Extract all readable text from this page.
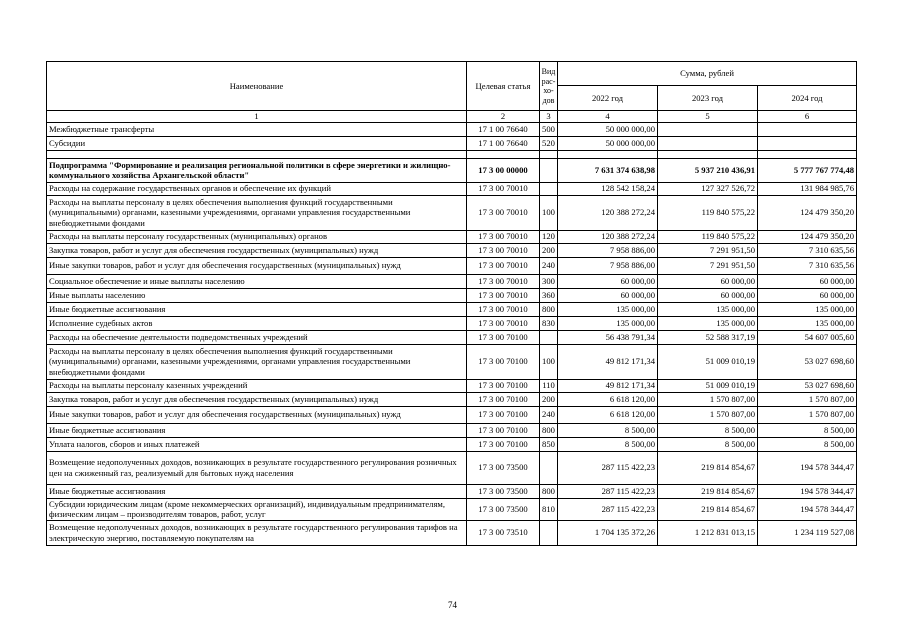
Наименование	Целевая статья	Вид рас- хо- дов	Сумма, рублей		
			2022 год	2023 год	2024 год
1	2	3	4	5	6
Межбюджетные трансферты	17 1 00 76640	500	50 000 000,00		
Субсидии	17 1 00 76640	520	50 000 000,00		

Подпрограмма "Формирование и реализация региональной политики в сфере энергетики и жилищно-коммунального хозяйства Архангельской области"	17 3 00 00000		7 631 374 638,98	5 937 210 436,91	5 777 767 774,48
Расходы на содержание государственных органов и обеспечение их функций	17 3 00 70010		128 542 158,24	127 327 526,72	131 984 985,76
Расходы на выплаты персоналу в целях обеспечения выполнения функций государственными (муниципальными) органами, казенными учреждениями, органами управления государственными внебюджетными фондами	17 3 00 70010	100	120 388 272,24	119 840 575,22	124 479 350,20
Расходы на выплаты персоналу государственных (муниципальных) органов	17 3 00 70010	120	120 388 272,24	119 840 575,22	124 479 350,20
Закупка товаров, работ и услуг для обеспечения государственных (муниципальных) нужд	17 3 00 70010	200	7 958 886,00	7 291 951,50	7 310 635,56
Иные закупки товаров, работ и услуг для обеспечения государственных (муниципальных) нужд	17 3 00 70010	240	7 958 886,00	7 291 951,50	7 310 635,56
Социальное обеспечение и иные выплаты населению	17 3 00 70010	300	60 000,00	60 000,00	60 000,00
Иные выплаты населению	17 3 00 70010	360	60 000,00	60 000,00	60 000,00
Иные бюджетные ассигнования	17 3 00 70010	800	135 000,00	135 000,00	135 000,00
Исполнение судебных актов	17 3 00 70010	830	135 000,00	135 000,00	135 000,00
Расходы на обеспечение деятельности подведомственных учреждений	17 3 00 70100		56 438 791,34	52 588 317,19	54 607 005,60
Расходы на выплаты персоналу в целях обеспечения выполнения функций государственными (муниципальными) органами, казенными учреждениями, органами управления государственными внебюджетными фондами	17 3 00 70100	100	49 812 171,34	51 009 010,19	53 027 698,60
Расходы на выплаты персоналу казенных учреждений	17 3 00 70100	110	49 812 171,34	51 009 010,19	53 027 698,60
Закупка товаров, работ и услуг для обеспечения государственных (муниципальных) нужд	17 3 00 70100	200	6 618 120,00	1 570 807,00	1 570 807,00
Иные закупки товаров, работ и услуг для обеспечения государственных (муниципальных) нужд	17 3 00 70100	240	6 618 120,00	1 570 807,00	1 570 807,00
Иные бюджетные ассигнования	17 3 00 70100	800	8 500,00	8 500,00	8 500,00
Уплата налогов, сборов и иных платежей	17 3 00 70100	850	8 500,00	8 500,00	8 500,00
Возмещение недополученных доходов, возникающих в результате государственного регулирования розничных цен на сжиженный газ, реализуемый для бытовых нужд населения	17 3 00 73500		287 115 422,23	219 814 854,67	194 578 344,47
Иные бюджетные ассигнования	17 3 00 73500	800	287 115 422,23	219 814 854,67	194 578 344,47
Субсидии юридическим лицам (кроме некоммерческих организаций), индивидуальным предпринимателям, физическим лицам – производителям товаров, работ, услуг	17 3 00 73500	810	287 115 422,23	219 814 854,67	194 578 344,47
Возмещение недополученных доходов, возникающих в результате государственного регулирования тарифов на электрическую энергию, поставляемую покупателям на	17 3 00 73510		1 704 135 372,26	1 212 831 013,15	1 234 119 527,08
74
